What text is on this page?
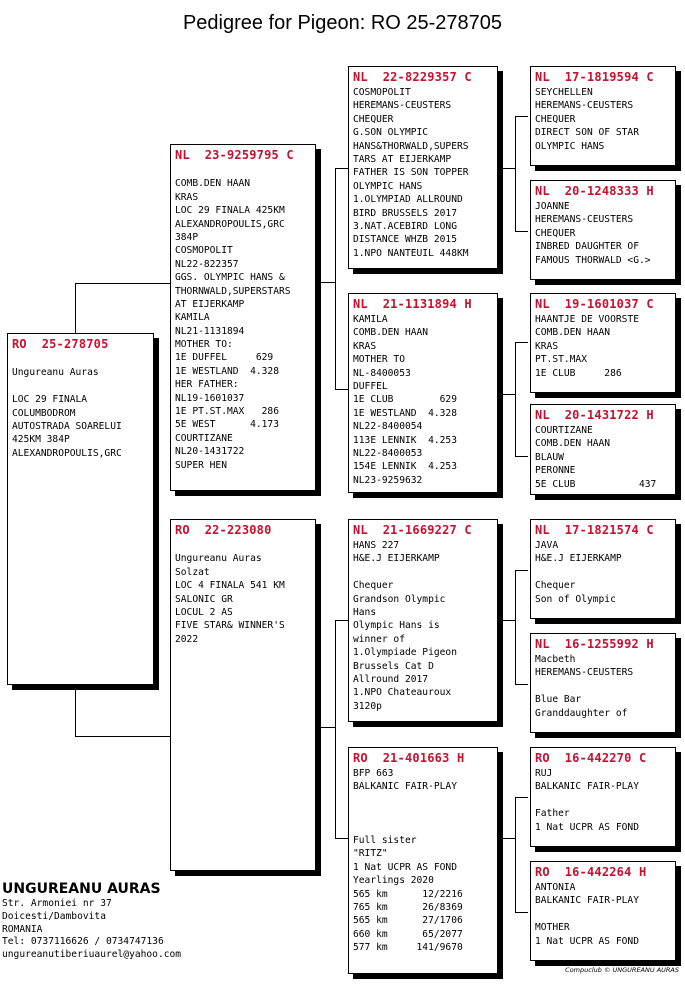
Pedigree for Pigeon: RO 25-278705
RO  25-278705
Ungureanu Auras
LOC 29 FINALA
COLUMBODROM
AUTOSTRADA SOARELUI
425KM 384P
ALEXANDROPOULIS,GRC
NL  23-9259795 C
COMB.DEN HAAN
KRAS
LOC 29 FINALA 425KM
ALEXANDROPOULIS,GRC
384P
COSMOPOLIT
NL22-822357
GGS. OLYMPIC HANS &
THORNWALD,SUPERSTARS
AT EIJERKAMP
KAMILA
NL21-1131894
MOTHER TO:
1E DUFFEL     629
1E WESTLAND  4.328
HER FATHER:
NL19-1601037
1E PT.ST.MAX   286
5E WEST      4.173
COURTIZANE
NL20-1431722
SUPER HEN
RO  22-223080
Ungureanu Auras
Solzat
LOC 4 FINALA 541 KM
SALONIC GR
LOCUL 2 AS
FIVE STAR& WINNER'S
2022
NL  22-8229357 C
COSMOPOLIT
HEREMANS-CEUSTERS
CHEQUER
G.SON OLYMPIC
HANS&THORWALD,SUPERS
TARS AT EIJERKAMP
FATHER IS SON TOPPER
OLYMPIC HANS
1.OLYMPIAD ALLROUND
BIRD BRUSSELS 2017
3.NAT.ACEBIRD LONG
DISTANCE WHZB 2015
1.NPO NANTEUIL 448KM
NL  21-1131894 H
KAMILA
COMB.DEN HAAN
KRAS
MOTHER TO
NL-8400053
DUFFEL
1E CLUB        629
1E WESTLAND  4.328
NL22-8400054
113E LENNIK  4.253
NL22-8400053
154E LENNIK  4.253
NL23-9259632
NL  21-1669227 C
HANS 227
H&E.J EIJERKAMP
Chequer
Grandson Olympic
Hans
Olympic Hans is
winner of
1.Olympiade Pigeon
Brussels Cat D
Allround 2017
1.NPO Chateauroux
3120p
RO  21-401663 H
BFP 663
BALKANIC FAIR-PLAY
Full sister
"RITZ"
1 Nat UCPR AS FOND
Yearlings 2020
565 km      12/2216
765 km      26/8369
565 km      27/1706
660 km      65/2077
577 km     141/9670
NL  17-1819594 C
SEYCHELLEN
HEREMANS-CEUSTERS
CHEQUER
DIRECT SON OF STAR
OLYMPIC HANS
NL  20-1248333 H
JOANNE
HEREMANS-CEUSTERS
CHEQUER
INBRED DAUGHTER OF
FAMOUS THORWALD <G.>
NL  19-1601037 C
HAANTJE DE VOORSTE
COMB.DEN HAAN
KRAS
PT.ST.MAX
1E CLUB     286
NL  20-1431722 H
COURTIZANE
COMB.DEN HAAN
BLAUW
PERONNE
5E CLUB           437
NL  17-1821574 C
JAVA
H&E.J EIJERKAMP
Chequer
Son of Olympic
NL  16-1255992 H
Macbeth
HEREMANS-CEUSTERS
Blue Bar
Granddaughter of
RO  16-442270 C
RUJ
BALKANIC FAIR-PLAY
Father
1 Nat UCPR AS FOND
RO  16-442264 H
ANTONIA
BALKANIC FAIR-PLAY
MOTHER
1 Nat UCPR AS FOND
UNGUREANU AURAS
Str. Armoniei nr 37
Doicesti/Dambovita
ROMANIA
Tel: 0737116626 / 0734747136
ungureanutiberiuaurel@yahoo.com
Compuclub © UNGUREANU AURAS
